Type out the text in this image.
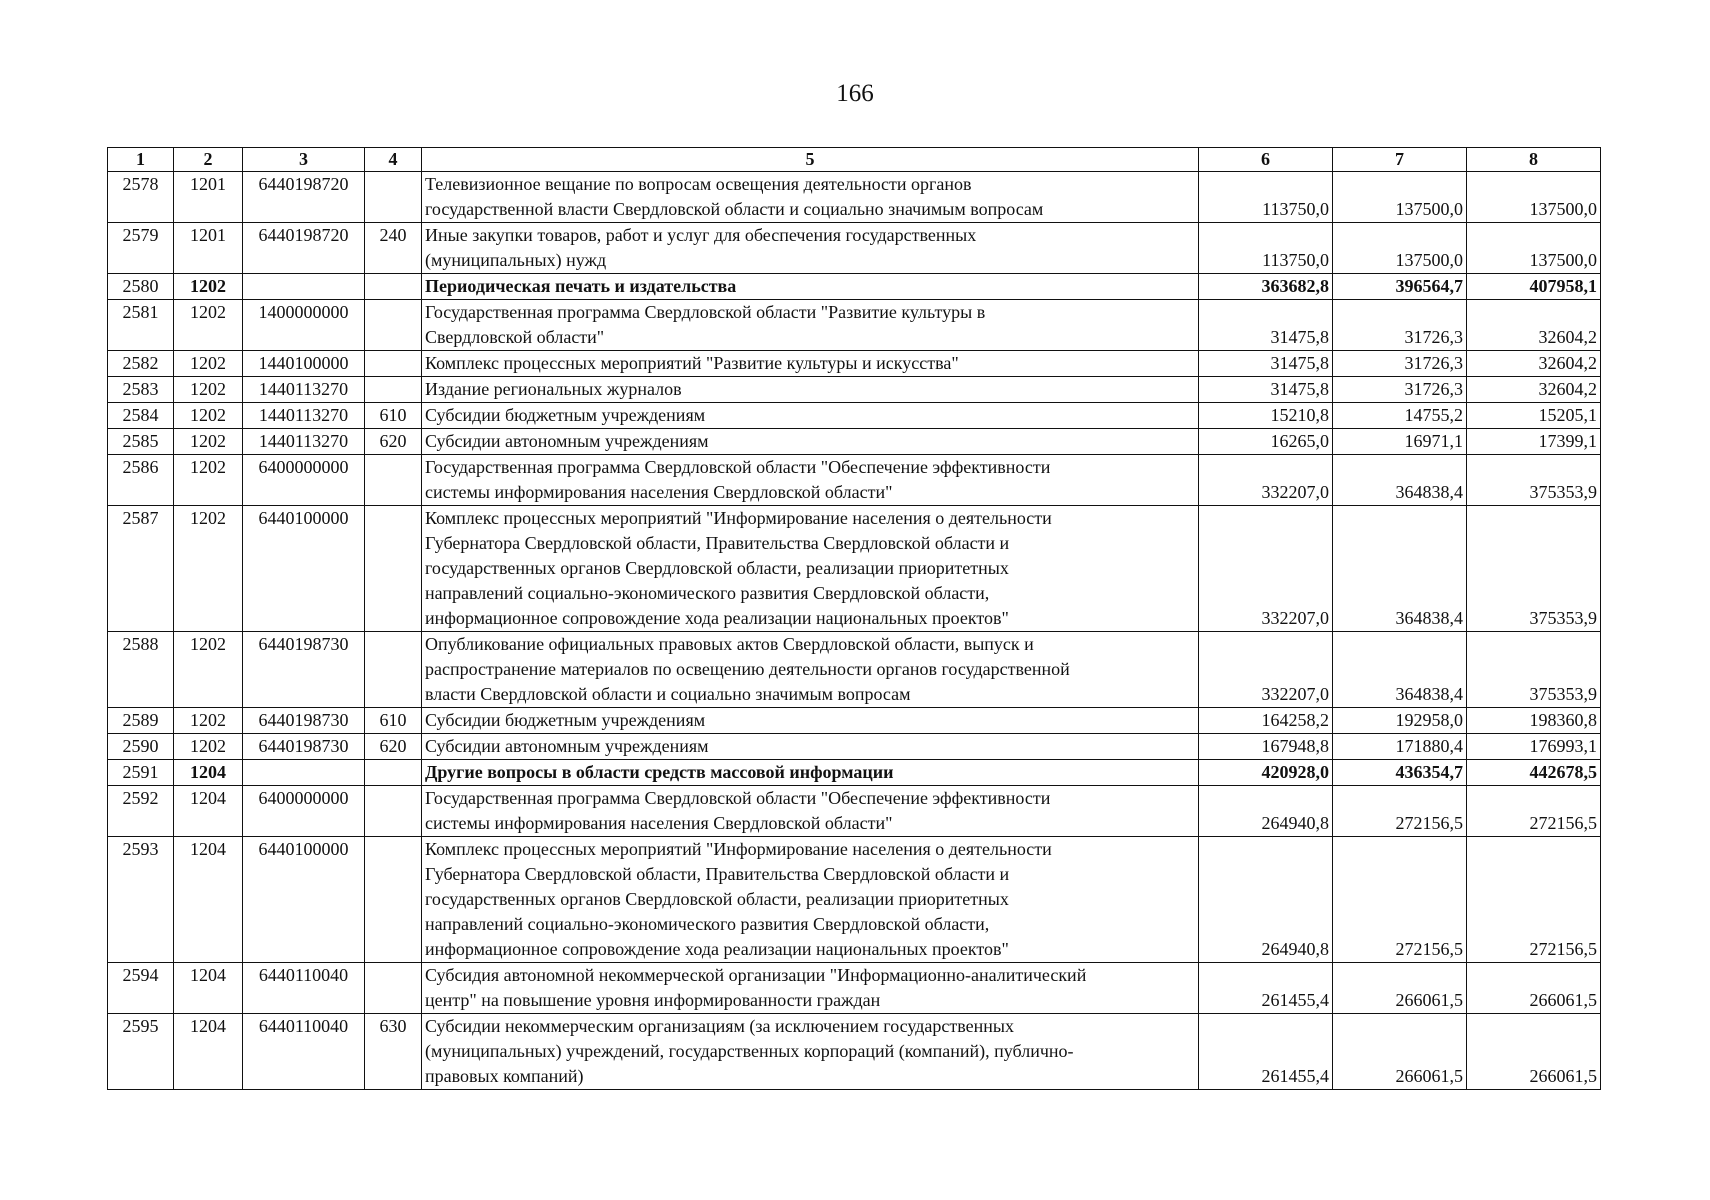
166
1	2	3	4	5	6	7	8
2578	1201	6440198720		Телевизионное вещание по вопросам освещения деятельности органов
государственной власти Свердловской области и социально значимым вопросам	113750,0	137500,0	137500,0
2579	1201	6440198720	240	Иные закупки товаров, работ и услуг для обеспечения государственных
(муниципальных) нужд	113750,0	137500,0	137500,0
2580	1202			Периодическая печать и издательства	363682,8	396564,7	407958,1
2581	1202	1400000000		Государственная программа Свердловской области "Развитие культуры в
Свердловской области"	31475,8	31726,3	32604,2
2582	1202	1440100000		Комплекс процессных мероприятий "Развитие культуры и искусства"	31475,8	31726,3	32604,2
2583	1202	1440113270		Издание региональных журналов	31475,8	31726,3	32604,2
2584	1202	1440113270	610	Субсидии бюджетным учреждениям	15210,8	14755,2	15205,1
2585	1202	1440113270	620	Субсидии автономным учреждениям	16265,0	16971,1	17399,1
2586	1202	6400000000		Государственная программа Свердловской области "Обеспечение эффективности
системы информирования населения Свердловской области"	332207,0	364838,4	375353,9
2587	1202	6440100000		Комплекс процессных мероприятий "Информирование населения о деятельности
Губернатора Свердловской области, Правительства Свердловской области и
государственных органов Свердловской области, реализации приоритетных
направлений социально-экономического развития Свердловской области,
информационное сопровождение хода реализации национальных проектов"	332207,0	364838,4	375353,9
2588	1202	6440198730		Опубликование официальных правовых актов Свердловской области, выпуск и
распространение материалов по освещению деятельности органов государственной
власти Свердловской области и социально значимым вопросам	332207,0	364838,4	375353,9
2589	1202	6440198730	610	Субсидии бюджетным учреждениям	164258,2	192958,0	198360,8
2590	1202	6440198730	620	Субсидии автономным учреждениям	167948,8	171880,4	176993,1
2591	1204			Другие вопросы в области средств массовой информации	420928,0	436354,7	442678,5
2592	1204	6400000000		Государственная программа Свердловской области "Обеспечение эффективности
системы информирования населения Свердловской области"	264940,8	272156,5	272156,5
2593	1204	6440100000		Комплекс процессных мероприятий "Информирование населения о деятельности
Губернатора Свердловской области, Правительства Свердловской области и
государственных органов Свердловской области, реализации приоритетных
направлений социально-экономического развития Свердловской области,
информационное сопровождение хода реализации национальных проектов"	264940,8	272156,5	272156,5
2594	1204	6440110040		Субсидия автономной некоммерческой организации "Информационно-аналитический
центр" на повышение уровня информированности граждан	261455,4	266061,5	266061,5
2595	1204	6440110040	630	Субсидии некоммерческим организациям (за исключением государственных
(муниципальных) учреждений, государственных корпораций (компаний), публично-
правовых компаний)	261455,4	266061,5	266061,5
